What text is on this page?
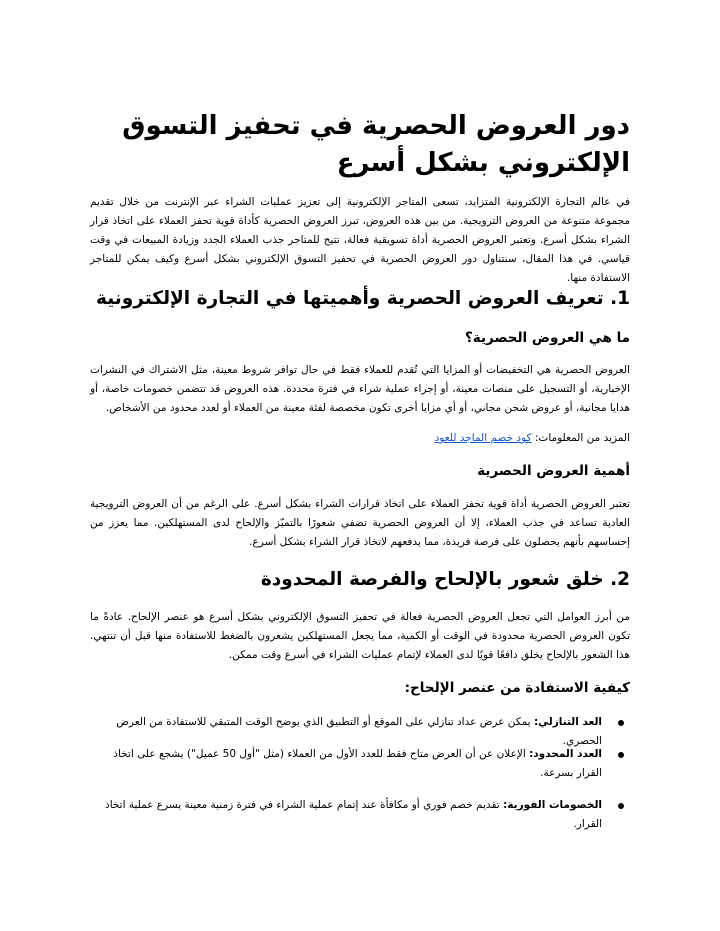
دور العروض الحصرية في تحفيز التسوق الإلكتروني بشكل أسرع

في عالم التجارة الإلكترونية المتزايد، تسعى المتاجر الإلكترونية إلى تعزيز عمليات الشراء عبر الإنترنت من خلال تقديم مجموعة متنوعة من العروض الترويجية. من بين هذه العروض، تبرز العروض الحصرية كأداة قوية تحفز العملاء على اتخاذ قرار الشراء بشكل أسرع. وتعتبر العروض الحصرية أداة تسويقية فعالة، تتيح للمتاجر جذب العملاء الجدد وزيادة المبيعات في وقت قياسي. في هذا المقال، سنتناول دور العروض الحصرية في تحفيز التسوق الإلكتروني بشكل أسرع وكيف يمكن للمتاجر الاستفادة منها.

1. تعريف العروض الحصرية وأهميتها في التجارة الإلكترونية
ما هي العروض الحصرية؟

العروض الحصرية هي التخفيضات أو المزايا التي تُقدم للعملاء فقط في حال توافر شروط معينة، مثل الاشتراك في النشرات الإخبارية، أو التسجيل على منصات معينة، أو إجراء عملية شراء في فترة محددة. هذه العروض قد تتضمن خصومات خاصة، أو هدايا مجانية، أو عروض شحن مجاني، أو أي مزايا أخرى تكون مخصصة لفئة معينة من العملاء أو لعدد محدود من الأشخاص.

المزيد من المعلومات: كود خصم الماجد للعود
أهمية العروض الحصرية

تعتبر العروض الحصرية أداة قوية تحفز العملاء على اتخاذ قرارات الشراء بشكل أسرع. على الرغم من أن العروض الترويجية العادية تساعد في جذب العملاء، إلا أن العروض الحصرية تضفي شعورًا بالتميّز والإلحاح لدى المستهلكين. مما يعزز من إحساسهم بأنهم يحصلون على فرصة فريدة، مما يدفعهم لاتخاذ قرار الشراء بشكل أسرع.

2. خلق شعور بالإلحاح والفرصة المحدودة

من أبرز العوامل التي تجعل العروض الحصرية فعالة في تحفيز التسوق الإلكتروني بشكل أسرع هو عنصر الإلحاح. عادةً ما تكون العروض الحصرية محدودة في الوقت أو الكمية، مما يجعل المستهلكين يشعرون بالضغط للاستفادة منها قبل أن تنتهي. هذا الشعور بالإلحاح يخلق دافعًا قويًا لدى العملاء لإتمام عمليات الشراء في أسرع وقت ممكن.

كيفية الاستفادة من عنصر الإلحاح:
العد التنازلي: يمكن عرض عداد تنازلي على الموقع أو التطبيق الذي يوضح الوقت المتبقي للاستفادة من العرض الحصري.
العدد المحدود: الإعلان عن أن العرض متاح فقط للعدد الأول من العملاء (مثل "أول 50 عميل") يشجع على اتخاذ القرار بسرعة.
الخصومات الفورية: تقديم خصم فوري أو مكافأة عند إتمام عملية الشراء في فترة زمنية معينة يسرع عملية اتخاذ القرار.
